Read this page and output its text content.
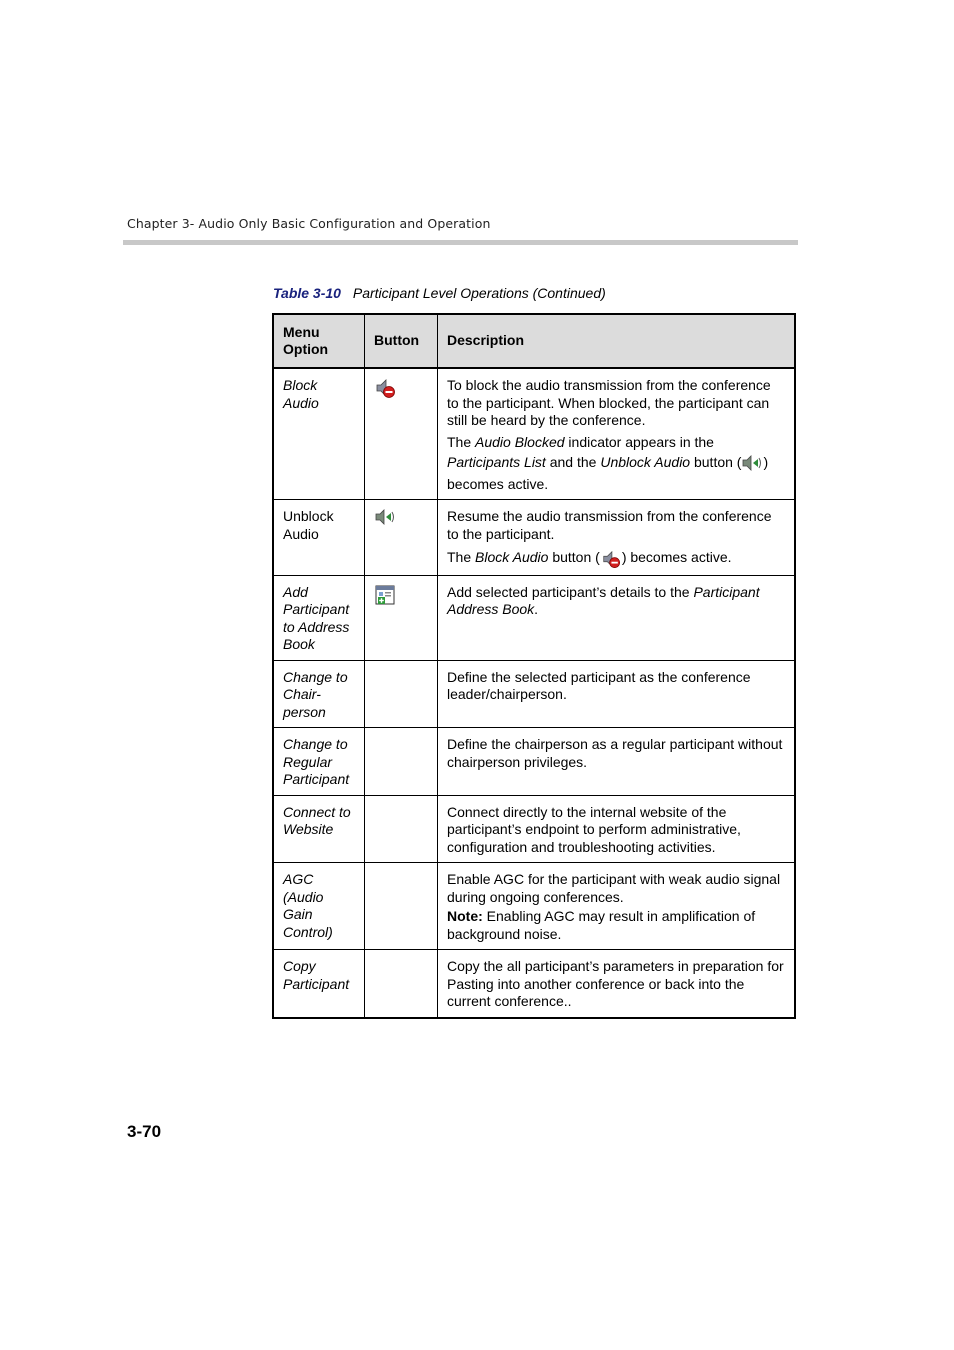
Chapter 3- Audio Only Basic Configuration and Operation
Table 3-10 Participant Level Operations (Continued)
Menu Option	Button	Description
Block Audio		To block the audio transmission from the conference to the participant. When blocked, the participant can still be heard by the conference.

The Audio Blocked indicator appears in the Participants List and the Unblock Audio button ( )

becomes active.

Unblock Audio		Resume the audio transmission from the conference to the participant.

The Block Audio button ( ) becomes active.

Add Participant to Address Book		Add selected participant’s details to the Participant Address Book.

Change to Chair-person		Define the selected participant as the conference leader/chairperson.

Change to Regular Participant		Define the chairperson as a regular participant without chairperson privileges.

Connect to Website		Connect directly to the internal website of the participant’s endpoint to perform administrative, configuration and troubleshooting activities.

AGC (Audio Gain Control)		Enable AGC for the participant with weak audio signal during ongoing conferences.

Note: Enabling AGC may result in amplification of background noise.

Copy Participant		Copy the all participant’s parameters in preparation for Pasting into another conference or back into the current conference..

3-70
